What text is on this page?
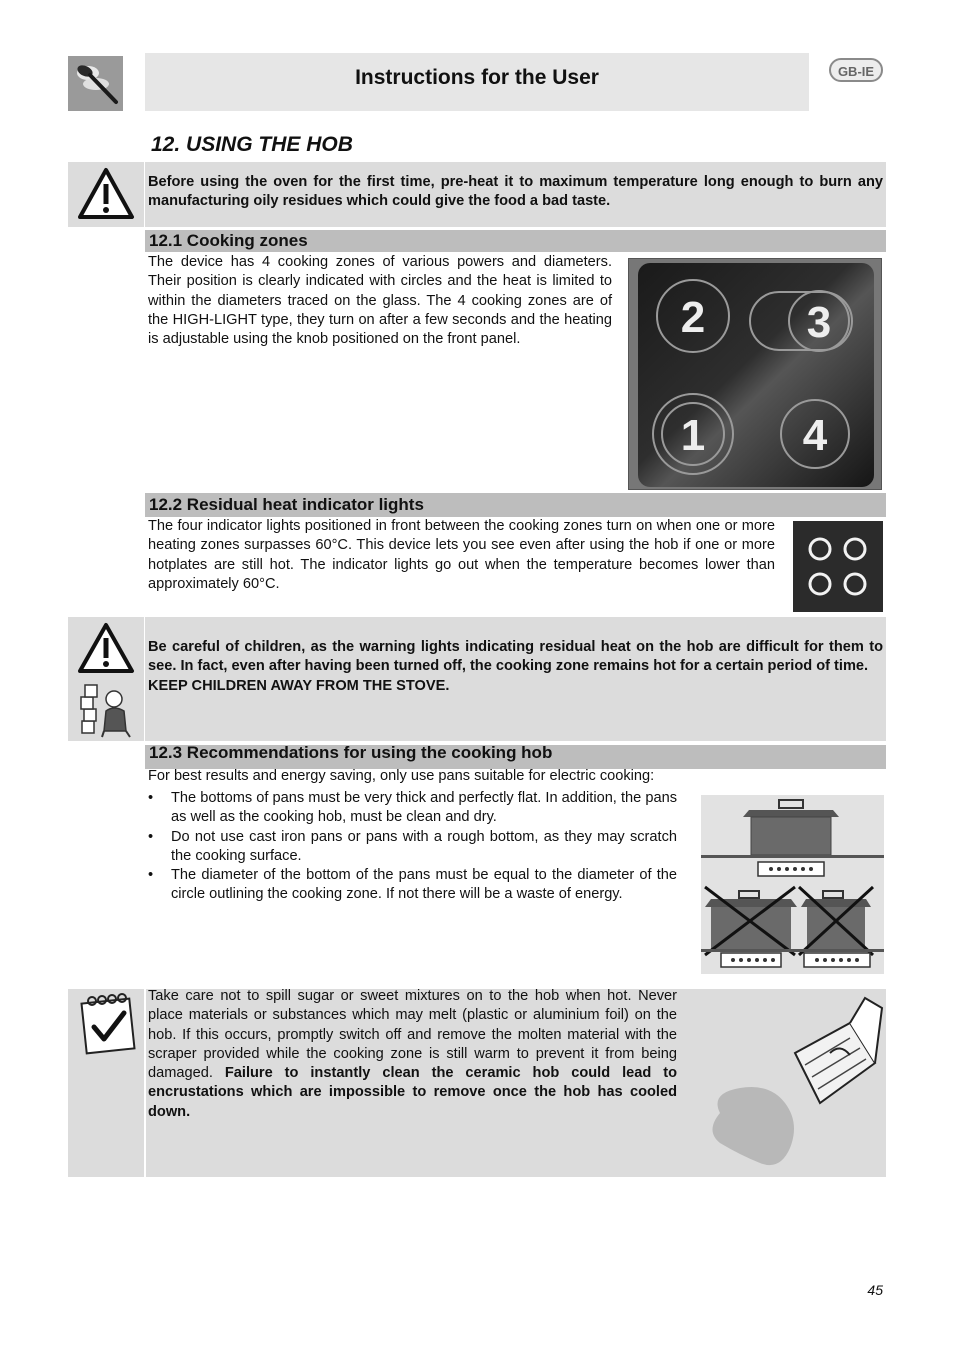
Instructions for the User	GB-IE
12. USING THE HOB
Before using the oven for the first time, pre-heat it to maximum temperature long enough to burn any manufacturing oily residues which could give the food a bad taste.
12.1 Cooking zones
The device has 4 cooking zones of various powers and diameters. Their position is clearly indicated with circles and the heat is limited to within the diameters traced on the glass. The 4 cooking zones are of the HIGH-LIGHT type, they turn on after a few seconds and the heating is adjustable using the knob positioned on the front panel.	2 3
1 4
12.2 Residual heat indicator lights
The four indicator lights positioned in front between the cooking zones turn on when one or more heating zones surpasses 60°C. This device lets you see even after using the hob if one or more hotplates are still hot. The indicator lights go out when the temperature becomes lower than approximately 60°C.
Be careful of children, as the warning lights indicating residual heat on the hob are difficult for them to see. In fact, even after having been turned off, the cooking zone remains hot for a certain period of time.
KEEP CHILDREN AWAY FROM THE STOVE.
12.3 Recommendations for using the cooking hob
For best results and energy saving, only use pans suitable for electric cooking:
• The bottoms of pans must be very thick and perfectly flat. In addition, the pans as well as the cooking hob, must be clean and dry.
• Do not use cast iron pans or pans with a rough bottom, as they may scratch the cooking surface.
• The diameter of the bottom of the pans must be equal to the diameter of the circle outlining the cooking zone. If not there will be a waste of energy.
Take care not to spill sugar or sweet mixtures on to the hob when hot. Never place materials or substances which may melt (plastic or aluminium foil) on the hob. If this occurs, promptly switch off and remove the molten material with the scraper provided while the cooking zone is still warm to prevent it from being damaged. Failure to instantly clean the ceramic hob could lead to encrustations which are impossible to remove once the hob has cooled down.
45
